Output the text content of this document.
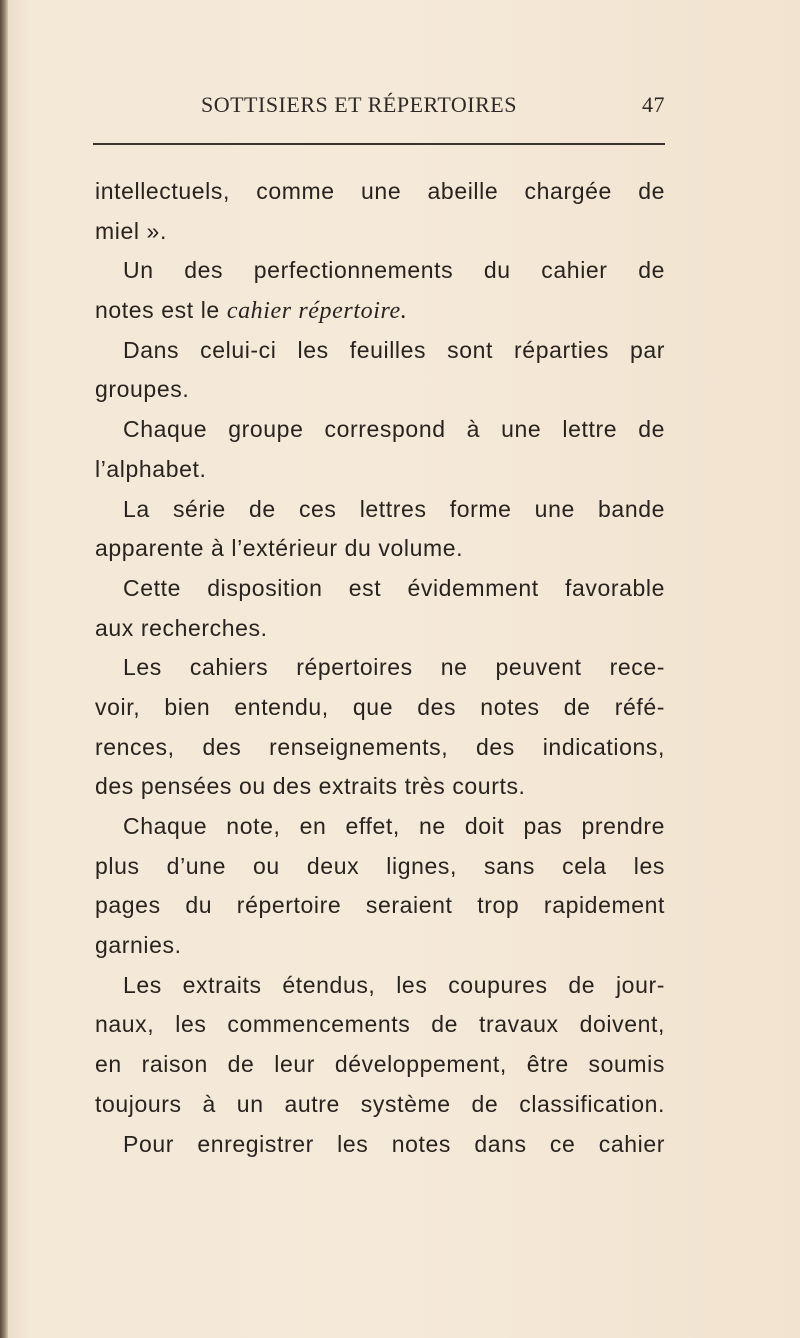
SOTTISIERS ET RÉPERTOIRES	47
intellectuels, comme une abeille chargée de
miel ».
Un des perfectionnements du cahier de
notes est le cahier répertoire.
Dans celui-ci les feuilles sont réparties par
groupes.
Chaque groupe correspond à une lettre de
l’alphabet.
La série de ces lettres forme une bande
apparente à l’extérieur du volume.
Cette disposition est évidemment favorable
aux recherches.
Les cahiers répertoires ne peuvent rece-
voir, bien entendu, que des notes de réfé-
rences, des renseignements, des indications,
des pensées ou des extraits très courts.
Chaque note, en effet, ne doit pas prendre
plus d’une ou deux lignes, sans cela les
pages du répertoire seraient trop rapidement
garnies.
Les extraits étendus, les coupures de jour-
naux, les commencements de travaux doivent,
en raison de leur développement, être soumis
toujours à un autre système de classification.
Pour enregistrer les notes dans ce cahier
